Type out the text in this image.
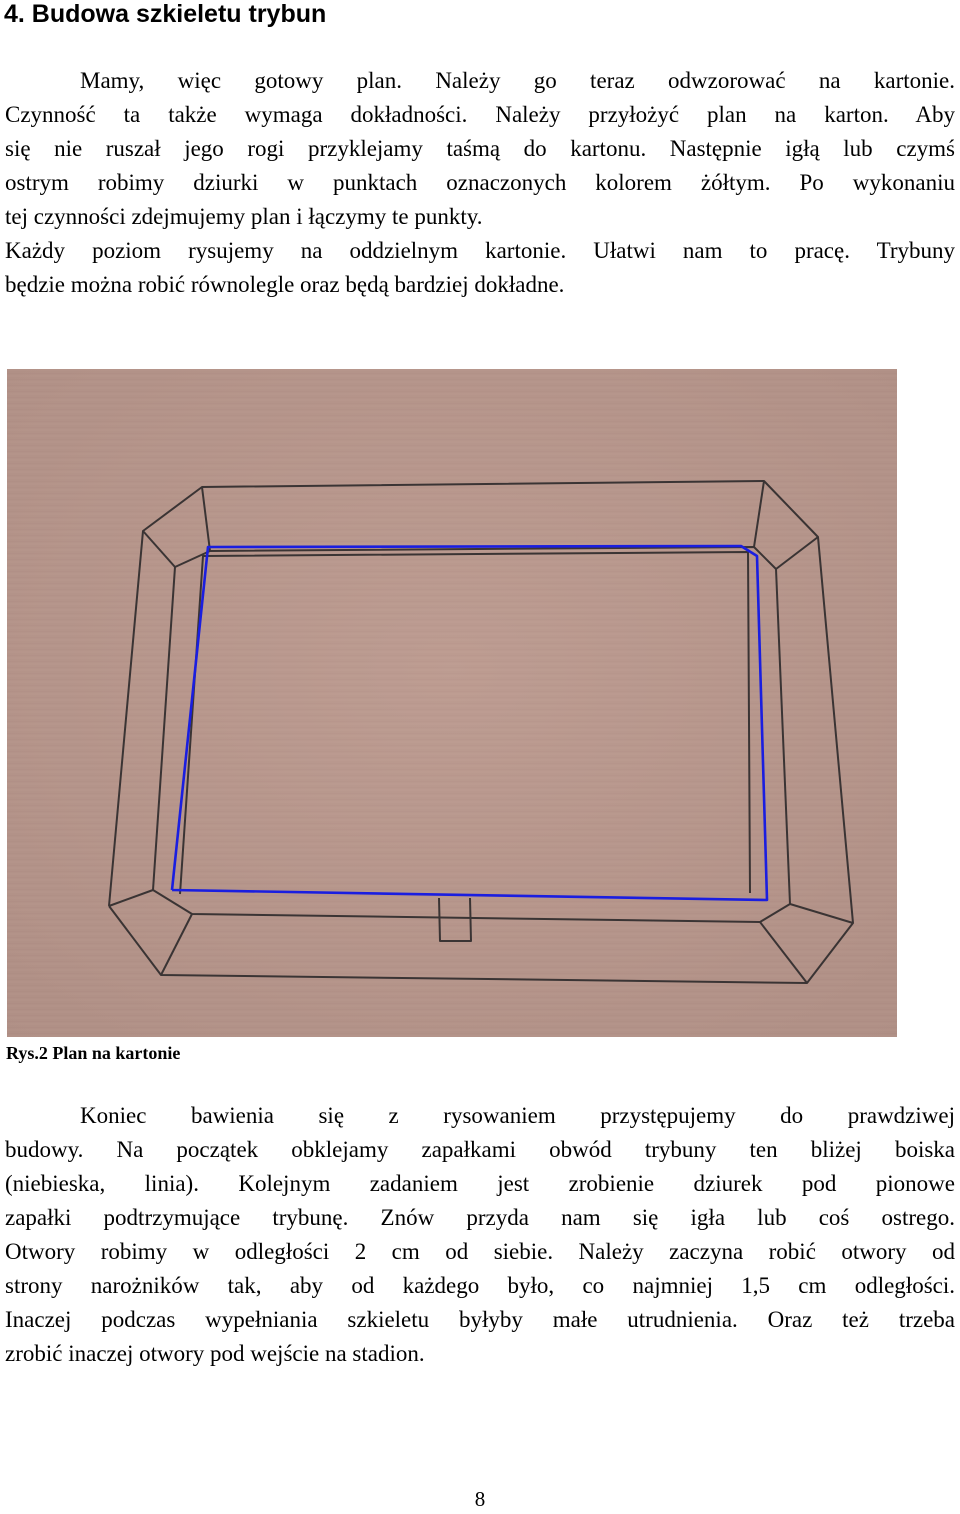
4. Budowa szkieletu trybun

Mamy, więc gotowy plan. Należy go teraz odwzorować na kartonie.
Czynność ta także wymaga dokładności. Należy przyłożyć plan na karton. Aby
się nie ruszał jego rogi przyklejamy taśmą do kartonu. Następnie igłą lub czymś
ostrym robimy dziurki w punktach oznaczonych kolorem żółtym. Po wykonaniu
tej czynności zdejmujemy plan i łączymy te punkty.
Każdy poziom rysujemy na oddzielnym kartonie. Ułatwi nam to pracę. Trybuny
będzie można robić równolegle oraz będą bardziej dokładne.

Rys.2 Plan na kartonie

Koniec bawienia się z rysowaniem przystępujemy do prawdziwej
budowy. Na początek obklejamy zapałkami obwód trybuny ten bliżej boiska
(niebieska, linia). Kolejnym zadaniem jest zrobienie dziurek pod pionowe
zapałki podtrzymujące trybunę. Znów przyda nam się igła lub coś ostrego.
Otwory robimy w odległości 2 cm od siebie. Należy zaczyna robić otwory od
strony narożników tak, aby od każdego było, co najmniej 1,5 cm odległości.
Inaczej podczas wypełniania szkieletu byłyby małe utrudnienia. Oraz też trzeba
zrobić inaczej otwory pod wejście na stadion.

8
